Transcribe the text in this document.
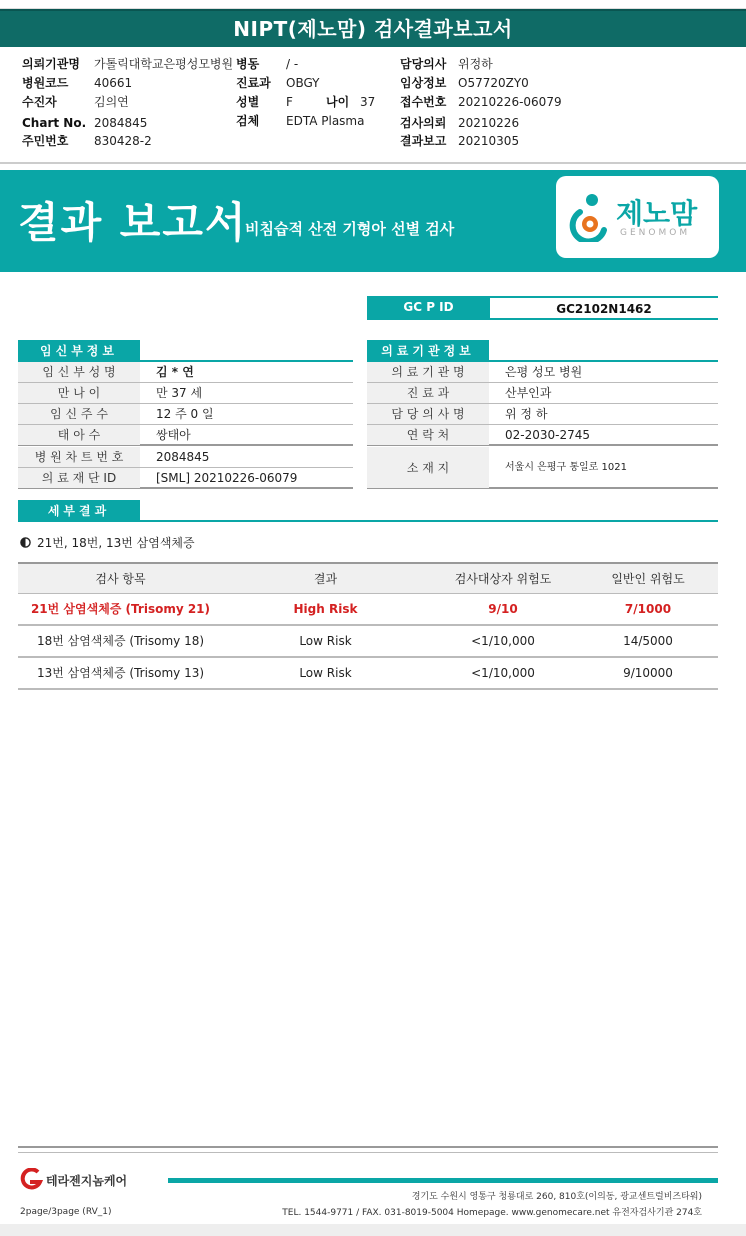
NIPT(제노맘) 검사결과보고서
의뢰기관명 가톨릭대학교은평성모병원
병원코드 40661
수진자	김의연
Chart No. 2084845
주민번호 830428-2
병동 / -
진료과 OBGY
성별 F	나이 37
검체 EDTA Plasma
담당의사 위정하
임상정보 O57720ZY0
접수번호 20210226-06079
검사의뢰 20210226
결과보고 20210305
결과 보고서
비침습적 산전 기형아 선별 검사	제노맘
GENOMOM
GC P ID	GC2102N1462
임신부정보	의료기관정보
임 신 부 성 명	김 * 연
만 나 이	만 37 세
임 신 주 수	12 주 0 일
태 아 수	쌍태아
병 원 차 트 번 호	2084845
의 료 재 단 ID	[SML] 20210226-06079
의 료 기 관 명	은평 성모 병원
진 료 과	산부인과
담 당 의 사 명	위 정 하
연 락 처	02-2030-2745
소 재 지	서울시 은평구 통일로 1021
세부결과
21번, 18번, 13번 삼염색체증
검사 항목	결과	검사대상자 위험도	일반인 위험도
21번 삼염색체증 (Trisomy 21)	High Risk	9/10	7/1000
18번 삼염색체증 (Trisomy 18)	Low Risk	<1/10,000	14/5000
13번 삼염색체증 (Trisomy 13)	Low Risk	<1/10,000	9/10000
테라젠지놈케어
경기도 수원시 영통구 청룡대로 260, 810호(이의동, 광교센트럴비즈타워)
TEL. 1544-9771 / FAX. 031-8019-5004 Homepage. www.genomecare.net 유전자검사기관 274호
2page/3page (RV_1)
